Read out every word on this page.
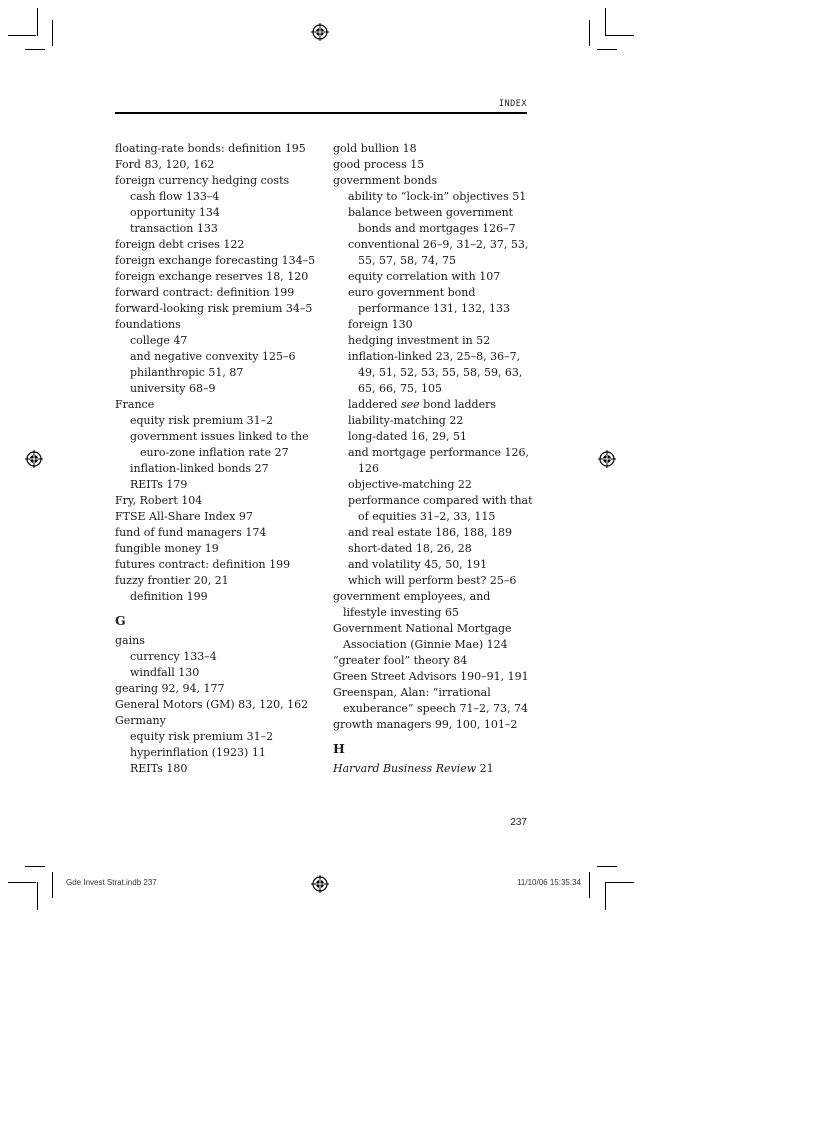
INDEX
floating-rate bonds: definition 195
Ford 83, 120, 162
foreign currency hedging costs
cash flow 133–4
opportunity 134
transaction 133
foreign debt crises 122
foreign exchange forecasting 134–5
foreign exchange reserves 18, 120
forward contract: definition 199
forward-looking risk premium 34–5
foundations
college 47
and negative convexity 125–6
philanthropic 51, 87
university 68–9
France
equity risk premium 31–2
government issues linked to the euro-zone inflation rate 27
inflation-linked bonds 27
REITs 179
Fry, Robert 104
FTSE All-Share Index 97
fund of fund managers 174
fungible money 19
futures contract: definition 199
fuzzy frontier 20, 21
definition 199
G
gains
currency 133–4
windfall 130
gearing 92, 94, 177
General Motors (GM) 83, 120, 162
Germany
equity risk premium 31–2
hyperinflation (1923) 11
REITs 180
gold bullion 18
good process 15
government bonds
ability to “lock-in” objectives 51
balance between government bonds and mortgages 126–7
conventional 26–9, 31–2, 37, 53, 55, 57, 58, 74, 75
equity correlation with 107
euro government bond performance 131, 132, 133
foreign 130
hedging investment in 52
inflation-linked 23, 25–8, 36–7, 49, 51, 52, 53, 55, 58, 59, 63, 65, 66, 75, 105
laddered see bond ladders
liability-matching 22
long-dated 16, 29, 51
and mortgage performance 126, 126
objective-matching 22
performance compared with that of equities 31–2, 33, 115
and real estate 186, 188, 189
short-dated 18, 26, 28
and volatility 45, 50, 191
which will perform best? 25–6
government employees, and lifestyle investing 65
Government National Mortgage Association (Ginnie Mae) 124
“greater fool” theory 84
Green Street Advisors 190–91, 191
Greenspan, Alan: “irrational exuberance” speech 71–2, 73, 74
growth managers 99, 100, 101–2
H
Harvard Business Review 21
237
Gde Invest Strat.indb 237	11/10/06 15:35:34
